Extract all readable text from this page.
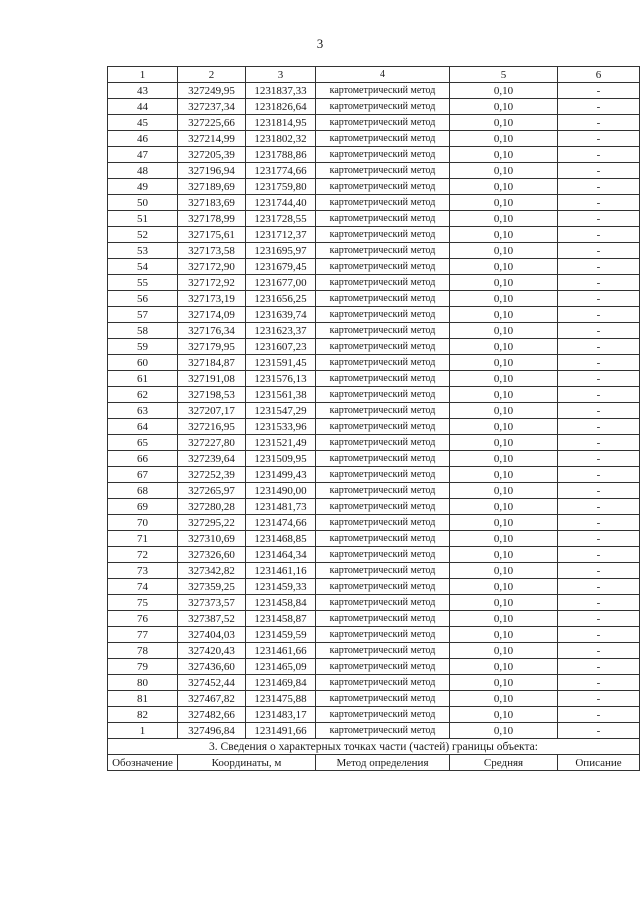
3
1	2	3	4	5	6
43	327249,95	1231837,33	картометрический метод	0,10	-
44	327237,34	1231826,64	картометрический метод	0,10	-
45	327225,66	1231814,95	картометрический метод	0,10	-
46	327214,99	1231802,32	картометрический метод	0,10	-
47	327205,39	1231788,86	картометрический метод	0,10	-
48	327196,94	1231774,66	картометрический метод	0,10	-
49	327189,69	1231759,80	картометрический метод	0,10	-
50	327183,69	1231744,40	картометрический метод	0,10	-
51	327178,99	1231728,55	картометрический метод	0,10	-
52	327175,61	1231712,37	картометрический метод	0,10	-
53	327173,58	1231695,97	картометрический метод	0,10	-
54	327172,90	1231679,45	картометрический метод	0,10	-
55	327172,92	1231677,00	картометрический метод	0,10	-
56	327173,19	1231656,25	картометрический метод	0,10	-
57	327174,09	1231639,74	картометрический метод	0,10	-
58	327176,34	1231623,37	картометрический метод	0,10	-
59	327179,95	1231607,23	картометрический метод	0,10	-
60	327184,87	1231591,45	картометрический метод	0,10	-
61	327191,08	1231576,13	картометрический метод	0,10	-
62	327198,53	1231561,38	картометрический метод	0,10	-
63	327207,17	1231547,29	картометрический метод	0,10	-
64	327216,95	1231533,96	картометрический метод	0,10	-
65	327227,80	1231521,49	картометрический метод	0,10	-
66	327239,64	1231509,95	картометрический метод	0,10	-
67	327252,39	1231499,43	картометрический метод	0,10	-
68	327265,97	1231490,00	картометрический метод	0,10	-
69	327280,28	1231481,73	картометрический метод	0,10	-
70	327295,22	1231474,66	картометрический метод	0,10	-
71	327310,69	1231468,85	картометрический метод	0,10	-
72	327326,60	1231464,34	картометрический метод	0,10	-
73	327342,82	1231461,16	картометрический метод	0,10	-
74	327359,25	1231459,33	картометрический метод	0,10	-
75	327373,57	1231458,84	картометрический метод	0,10	-
76	327387,52	1231458,87	картометрический метод	0,10	-
77	327404,03	1231459,59	картометрический метод	0,10	-
78	327420,43	1231461,66	картометрический метод	0,10	-
79	327436,60	1231465,09	картометрический метод	0,10	-
80	327452,44	1231469,84	картометрический метод	0,10	-
81	327467,82	1231475,88	картометрический метод	0,10	-
82	327482,66	1231483,17	картометрический метод	0,10	-
1	327496,84	1231491,66	картометрический метод	0,10	-
3. Сведения о характерных точках части (частей) границы объекта:					
Обозначение	Координаты, м		Метод определения	Средняя	Описание
